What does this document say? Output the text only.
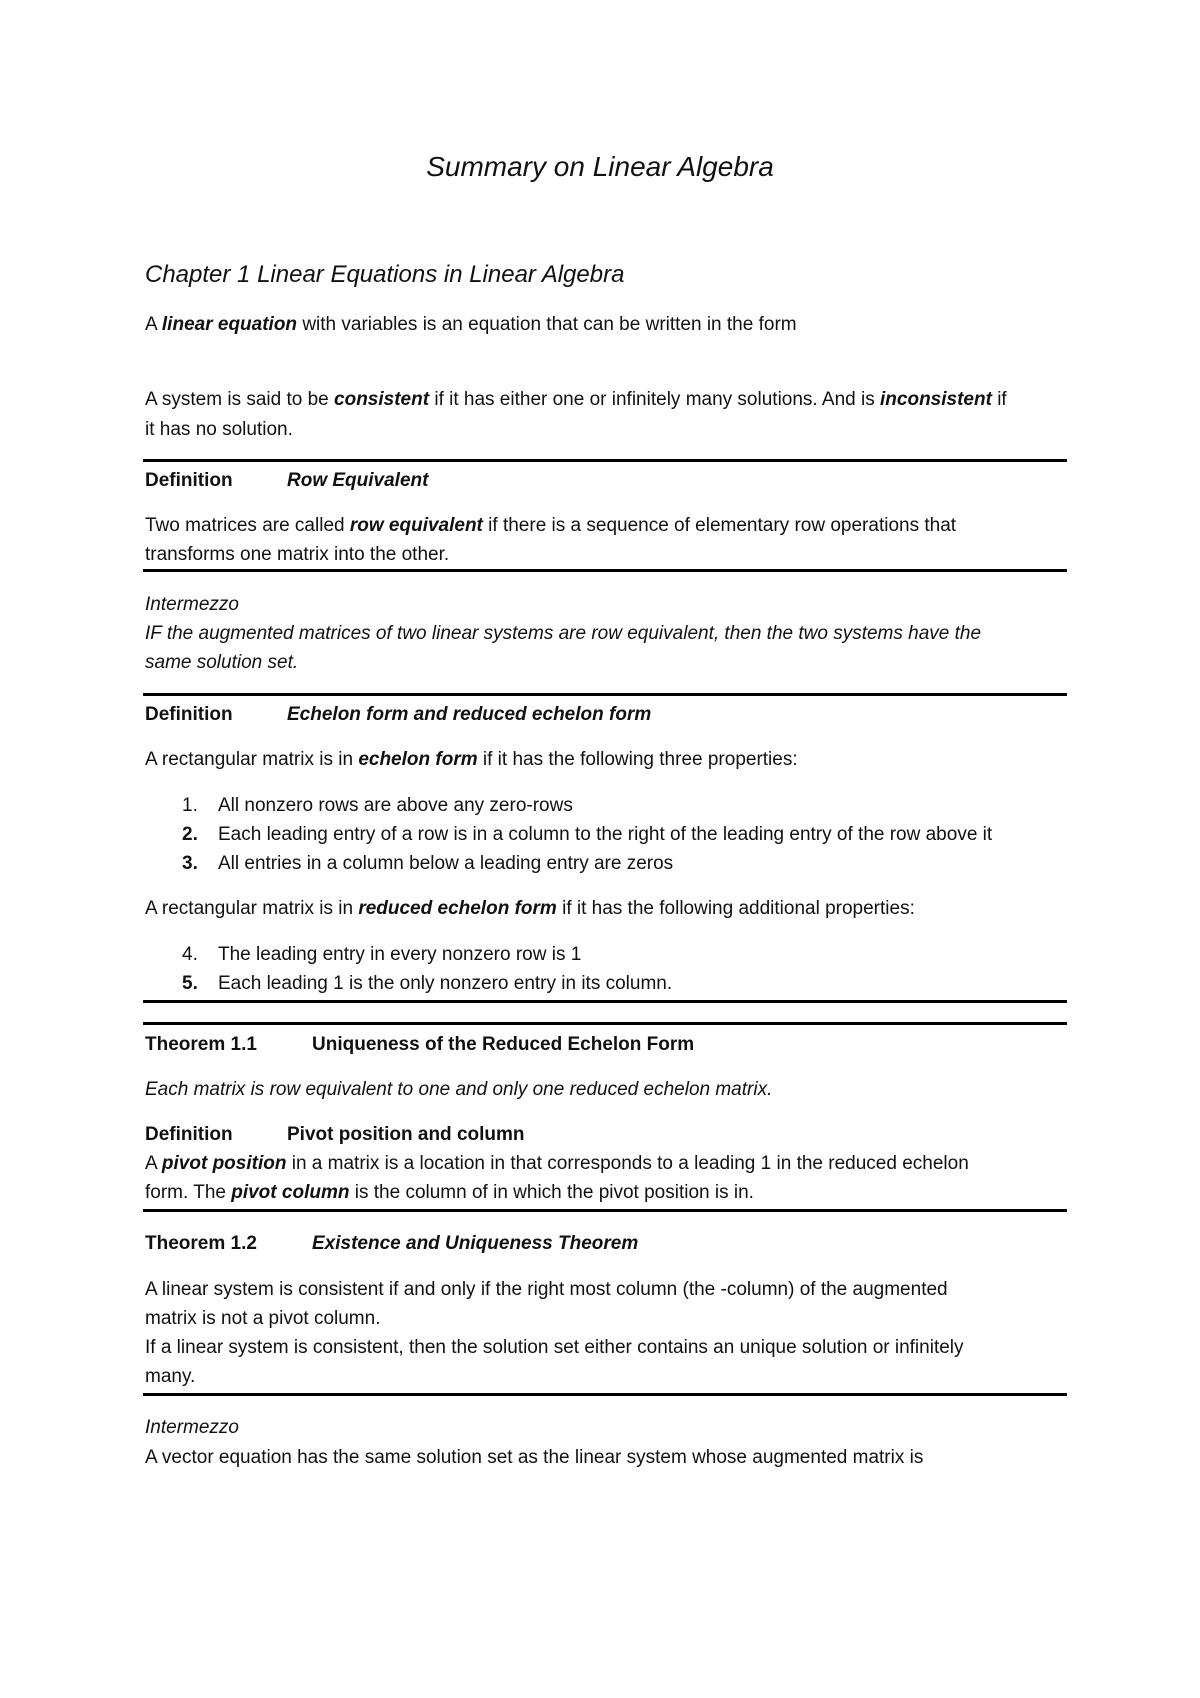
Summary on Linear Algebra
Chapter 1 Linear Equations in Linear Algebra
A linear equation with variables is an equation that can be written in the form
A system is said to be consistent if it has either one or infinitely many solutions. And is inconsistent if
it has no solution.
Definition	Row Equivalent
Two matrices are called row equivalent if there is a sequence of elementary row operations that
transforms one matrix into the other.
Intermezzo
IF the augmented matrices of two linear systems are row equivalent, then the two systems have the
same solution set.
Definition	Echelon form and reduced echelon form
A rectangular matrix is in echelon form if it has the following three properties:
1. All nonzero rows are above any zero-rows
2. Each leading entry of a row is in a column to the right of the leading entry of the row above it
3. All entries in a column below a leading entry are zeros
A rectangular matrix is in reduced echelon form if it has the following additional properties:
4. The leading entry in every nonzero row is 1
5. Each leading 1 is the only nonzero entry in its column.
Theorem 1.1	Uniqueness of the Reduced Echelon Form
Each matrix is row equivalent to one and only one reduced echelon matrix.
Definition	Pivot position and column
A pivot position in a matrix is a location in that corresponds to a leading 1 in the reduced echelon
form. The pivot column is the column of in which the pivot position is in.
Theorem 1.2	Existence and Uniqueness Theorem
A linear system is consistent if and only if the right most column (the -column) of the augmented
matrix is not a pivot column.
If a linear system is consistent, then the solution set either contains an unique solution or infinitely
many.
Intermezzo
A vector equation has the same solution set as the linear system whose augmented matrix is
